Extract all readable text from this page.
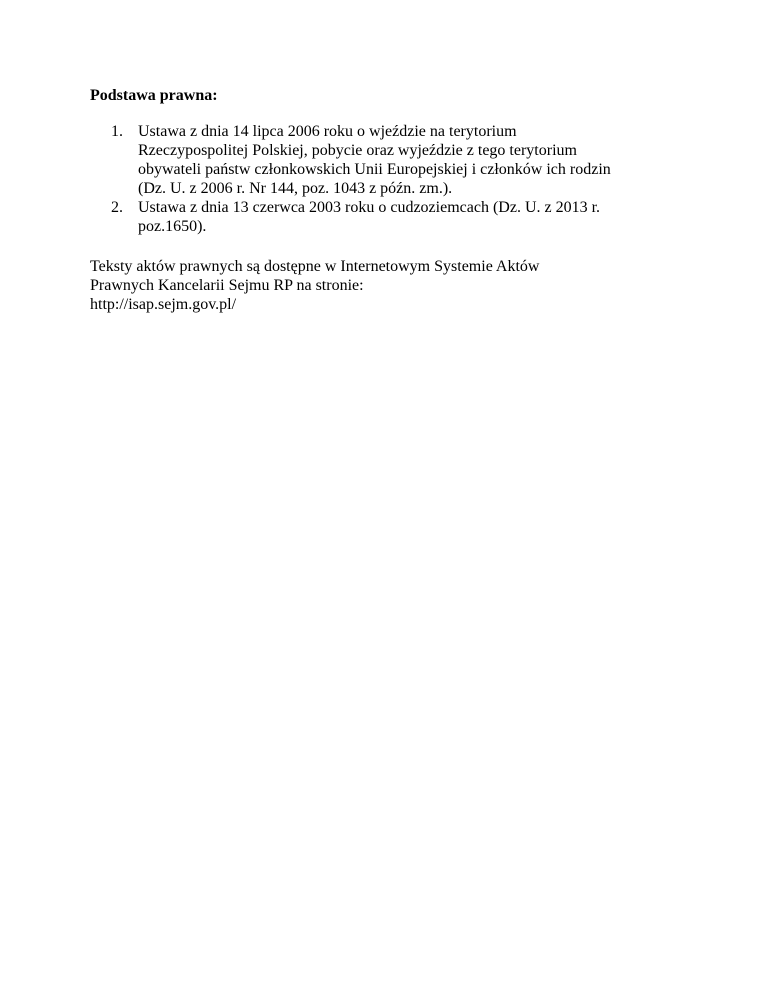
Podstawa prawna:

1. Ustawa z dnia 14 lipca 2006 roku o wjeździe na terytorium
Rzeczypospolitej Polskiej, pobycie oraz wyjeździe z tego terytorium
obywateli państw członkowskich Unii Europejskiej i członków ich rodzin
(Dz. U. z 2006 r. Nr 144, poz. 1043 z późn. zm.).
2. Ustawa z dnia 13 czerwca 2003 roku o cudzoziemcach (Dz. U. z 2013 r.
poz.1650).

Teksty aktów prawnych są dostępne w Internetowym Systemie Aktów
Prawnych Kancelarii Sejmu RP na stronie:
http://isap.sejm.gov.pl/
